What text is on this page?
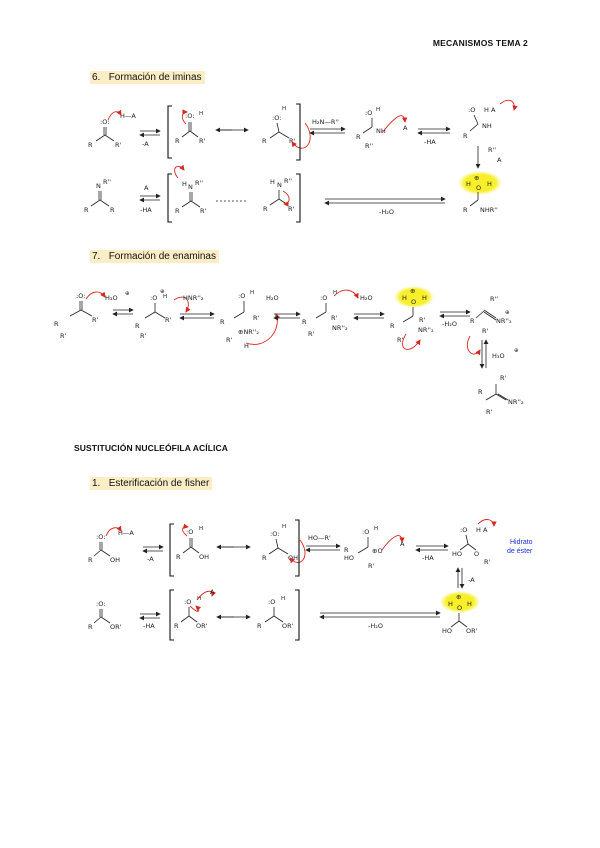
MECANISMOS TEMA 2
6. Formación de iminas
7. Formación de enaminas
SUSTITUCIÓN NUCLEÓFILA ACÍLICA
1. Esterificación de fisher
:O:
R	R'
H—A
-A
:O: H
R	R'
H
:O:
R	R'
H₂N—R''
:O H
R
NH
R''
A
-HA
:O
R
NH
H A
R''
A
N R''
R	R
A
-HA
H N R''
R	R'
H N R''
R	R'	-H₂O
H
⊕
H
O
R NHR''
:O:
R	R'
R'
H₃O ⊕	⊕
:O H
R
R'
R'
HNR''₂	:O H
R	R'
⊕NR''₂
R'
H
H₂O	:O
H
R	R'
NR''₂
R'
H₂O	H
⊕
H
O
R
R'
NR''₂
R'
-H₂O
R''
NR''₂
⊕
R
R'
H₃O
⊕
R'
R
NR''₂
R'
:O:
R	OH
H—A
-A
:O H
R	OH
H
:O:
R	OH
HO—R'
:O H
R
HO
⊕O
R'
A
-HA
:O
HO O
R'
H A
Hidrato
de éster
-A
:O:
R	OR'	-HA
:O H
R	OR'
A
:O H
R	OR'	-H₂O
H
⊕
H
O
HO OR'
